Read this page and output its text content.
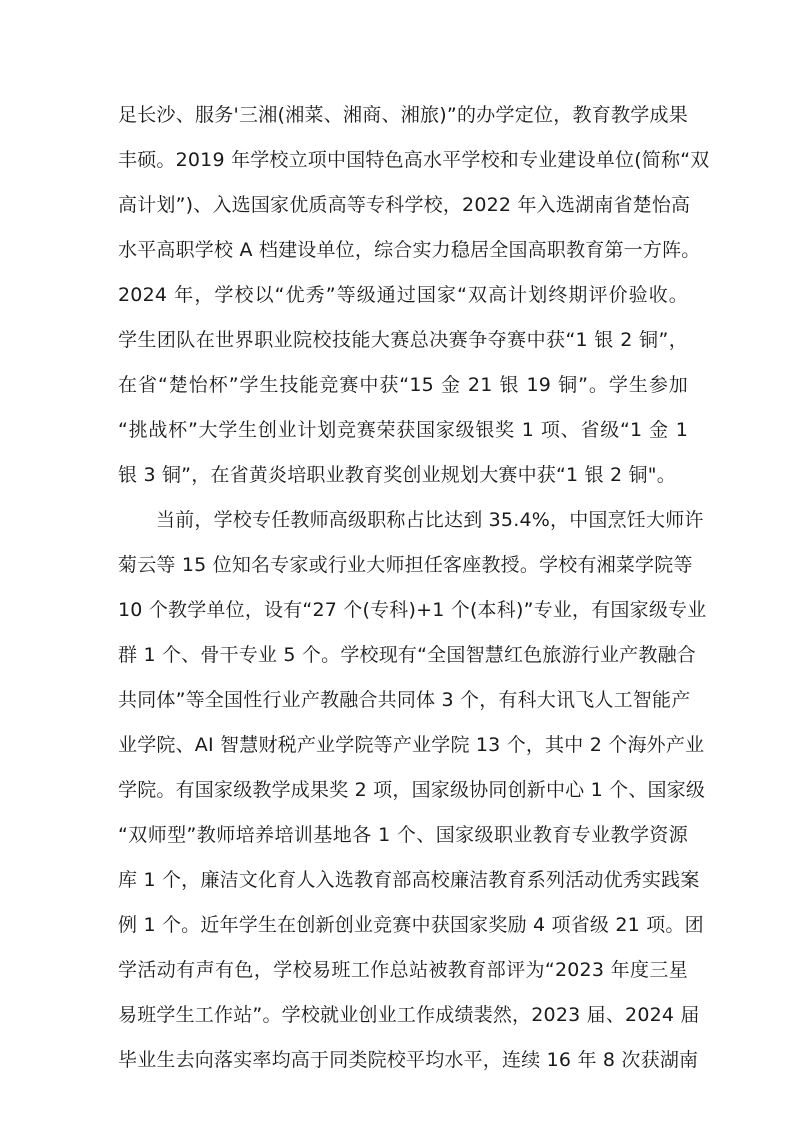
足长沙、服务'三湘(湘菜、湘商、湘旅)”的办学定位，教育教学成果
丰硕。2019 年学校立项中国特色高水平学校和专业建设单位(简称“双
高计划”)、入选国家优质高等专科学校，2022 年入选湖南省楚怡高
水平高职学校 A 档建设单位，综合实力稳居全国高职教育第一方阵。
2024 年，学校以“优秀”等级通过国家“双高计划终期评价验收。
学生团队在世界职业院校技能大赛总决赛争夺赛中获“1 银 2 铜”，
在省“楚怡杯”学生技能竞赛中获“15 金 21 银 19 铜”。学生参加
“挑战杯”大学生创业计划竞赛荣获国家级银奖 1 项、省级“1 金 1
银 3 铜”，在省黄炎培职业教育奖创业规划大赛中获“1 银 2 铜"。
当前，学校专任教师高级职称占比达到 35.4%，中国烹饪大师许
菊云等 15 位知名专家或行业大师担任客座教授。学校有湘菜学院等
10 个教学单位，设有“27 个(专科)+1 个(本科)”专业，有国家级专业
群 1 个、骨干专业 5 个。学校现有“全国智慧红色旅游行业产教融合
共同体”等全国性行业产教融合共同体 3 个，有科大讯飞人工智能产
业学院、AI 智慧财税产业学院等产业学院 13 个，其中 2 个海外产业
学院。有国家级教学成果奖 2 项，国家级协同创新中心 1 个、国家级
“双师型”教师培养培训基地各 1 个、国家级职业教育专业教学资源
库 1 个，廉洁文化育人入选教育部高校廉洁教育系列活动优秀实践案
例 1 个。近年学生在创新创业竞赛中获国家奖励 4 项省级 21 项。团
学活动有声有色，学校易班工作总站被教育部评为“2023 年度三星
易班学生工作站”。学校就业创业工作成绩裴然，2023 届、2024 届
毕业生去向落实率均高于同类院校平均水平，连续 16 年 8 次获湖南
